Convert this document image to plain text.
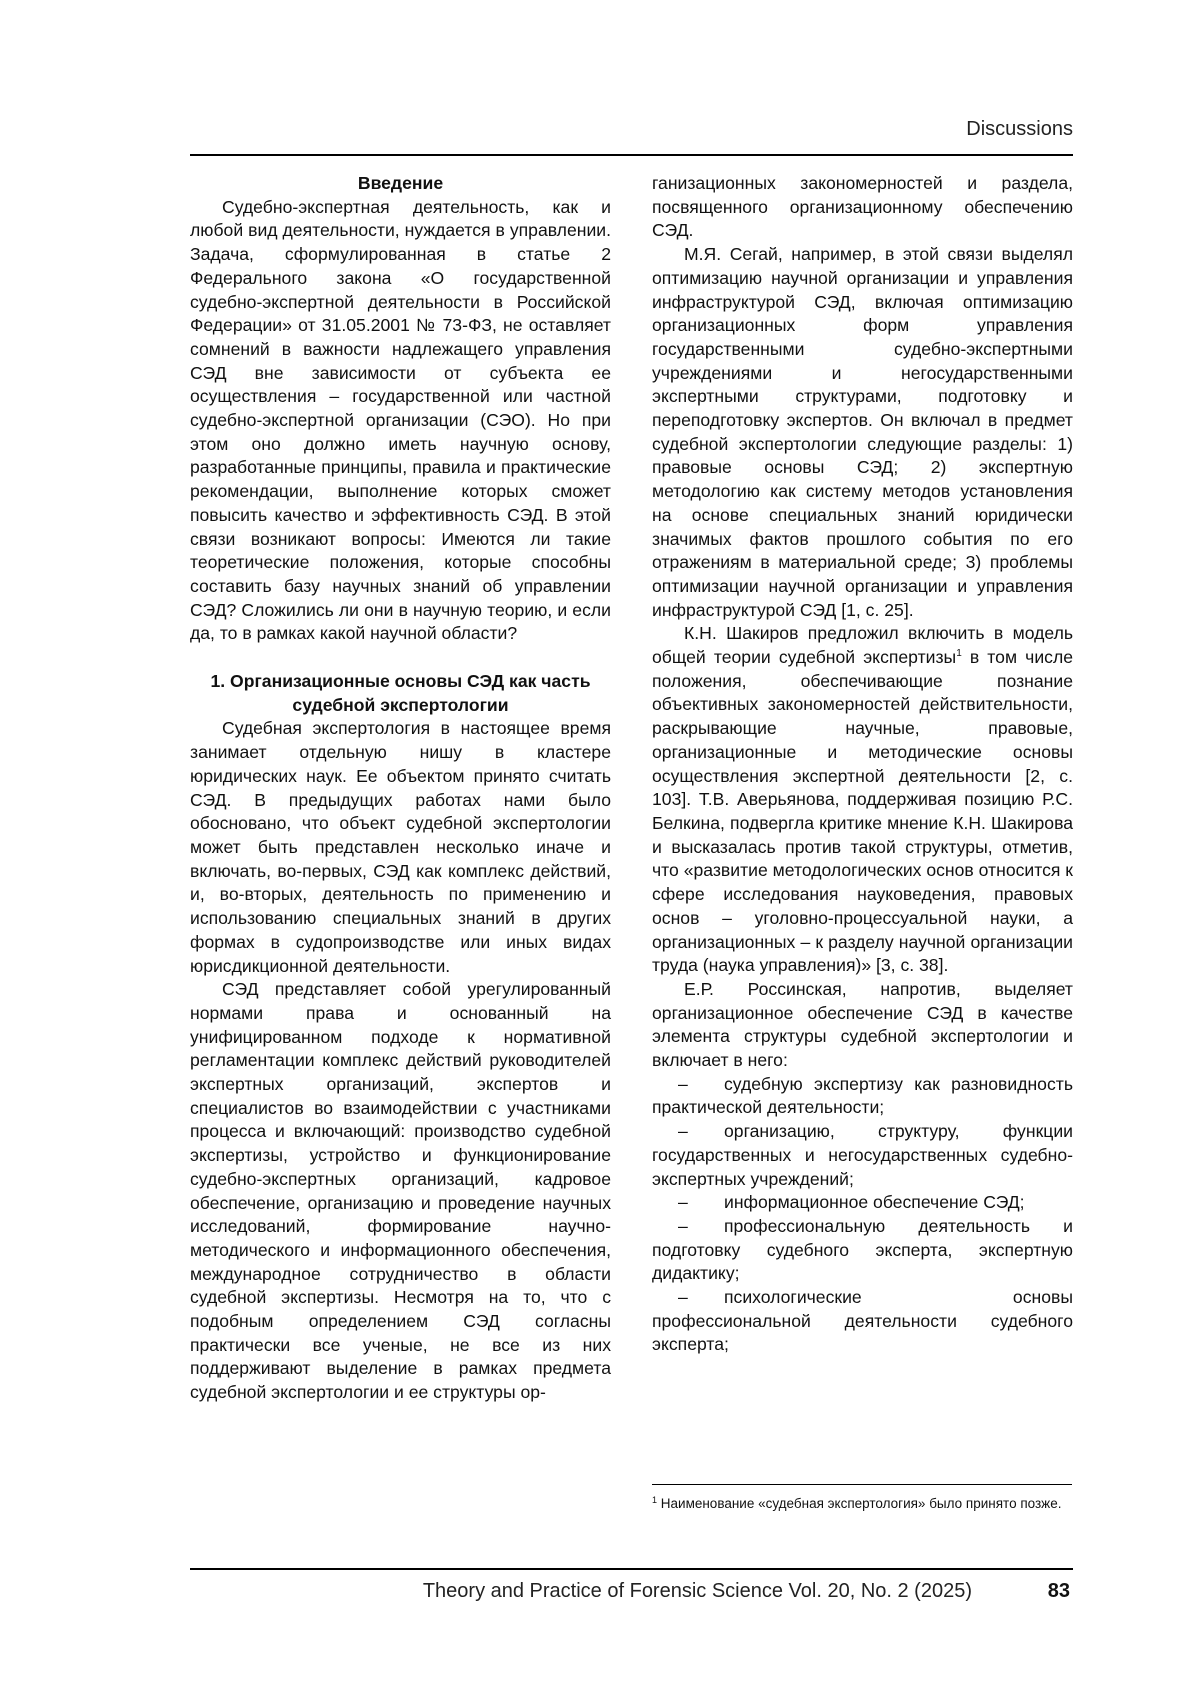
Discussions

Введение

Судебно-экспертная деятельность, как и любой вид деятельности, нуждается в управлении. Задача, сформулированная в статье 2 Федерального закона «О государственной судебно-экспертной деятельности в Российской Федерации» от 31.05.2001 № 73-ФЗ, не оставляет сомнений в важности надлежащего управления СЭД вне зависимости от субъекта ее осуществления – государственной или частной судебно-экспертной организации (СЭО). Но при этом оно должно иметь научную основу, разработанные принципы, правила и практические рекомендации, выполнение которых сможет повысить качество и эффективность СЭД. В этой связи возникают вопросы: Имеются ли такие теоретические положения, которые способны составить базу научных знаний об управлении СЭД? Сложились ли они в научную теорию, и если да, то в рамках какой научной области?

1. Организационные основы СЭД как часть судебной экспертологии

Судебная экспертология в настоящее время занимает отдельную нишу в кластере юридических наук. Ее объектом принято считать СЭД. В предыдущих работах нами было обосновано, что объект судебной экспертологии может быть представлен несколько иначе и включать, во-первых, СЭД как комплекс действий, и, во-вторых, деятельность по применению и использованию специальных знаний в других формах в судопроизводстве или иных видах юрисдикционной деятельности.

СЭД представляет собой урегулированный нормами права и основанный на унифицированном подходе к нормативной регламентации комплекс действий руководителей экспертных организаций, экспертов и специалистов во взаимодействии с участниками процесса и включающий: производство судебной экспертизы, устройство и функционирование судебно-экспертных организаций, кадровое обеспечение, организацию и проведение научных исследований, формирование научно-методического и информационного обеспечения, международное сотрудничество в области судебной экспертизы. Несмотря на то, что с подобным определением СЭД согласны практически все ученые, не все из них поддерживают выделение в рамках предмета судебной экспертологии и ее структуры ор-

ганизационных закономерностей и раздела, посвященного организационному обеспечению СЭД.

М.Я. Сегай, например, в этой связи выделял оптимизацию научной организации и управления инфраструктурой СЭД, включая оптимизацию организационных форм управления государственными судебно-экспертными учреждениями и негосударственными экспертными структурами, подготовку и переподготовку экспертов. Он включал в предмет судебной экспертологии следующие разделы: 1) правовые основы СЭД; 2) экспертную методологию как систему методов установления на основе специальных знаний юридически значимых фактов прошлого события по его отражениям в материальной среде; 3) проблемы оптимизации научной организации и управления инфраструктурой СЭД [1, с. 25].

К.Н. Шакиров предложил включить в модель общей теории судебной экспертизы$^1$ в том числе положения, обеспечивающие познание объективных закономерностей действительности, раскрывающие научные, правовые, организационные и методические основы осуществления экспертной деятельности [2, с. 103]. Т.В. Аверьянова, поддерживая позицию Р.С. Белкина, подвергла критике мнение К.Н. Шакирова и высказалась против такой структуры, отметив, что «развитие методологических основ относится к сфере исследования науковедения, правовых основ – уголовно-процессуальной науки, а организационных – к разделу научной организации труда (наука управления)» [3, с. 38].

Е.Р. Россинская, напротив, выделяет организационное обеспечение СЭД в качестве элемента структуры судебной экспертологии и включает в него:

– судебную экспертизу как разновидность практической деятельности;

– организацию, структуру, функции государственных и негосударственных судебно-экспертных учреждений;

– информационное обеспечение СЭД;

– профессиональную деятельность и подготовку судебного эксперта, экспертную дидактику;

– психологические основы профессиональной деятельности судебного эксперта;

$^1$ Наименование «судебная экспертология» было принято позже.
Theory and Practice of Forensic Science Vol. 20, No. 2 (2025)	83
